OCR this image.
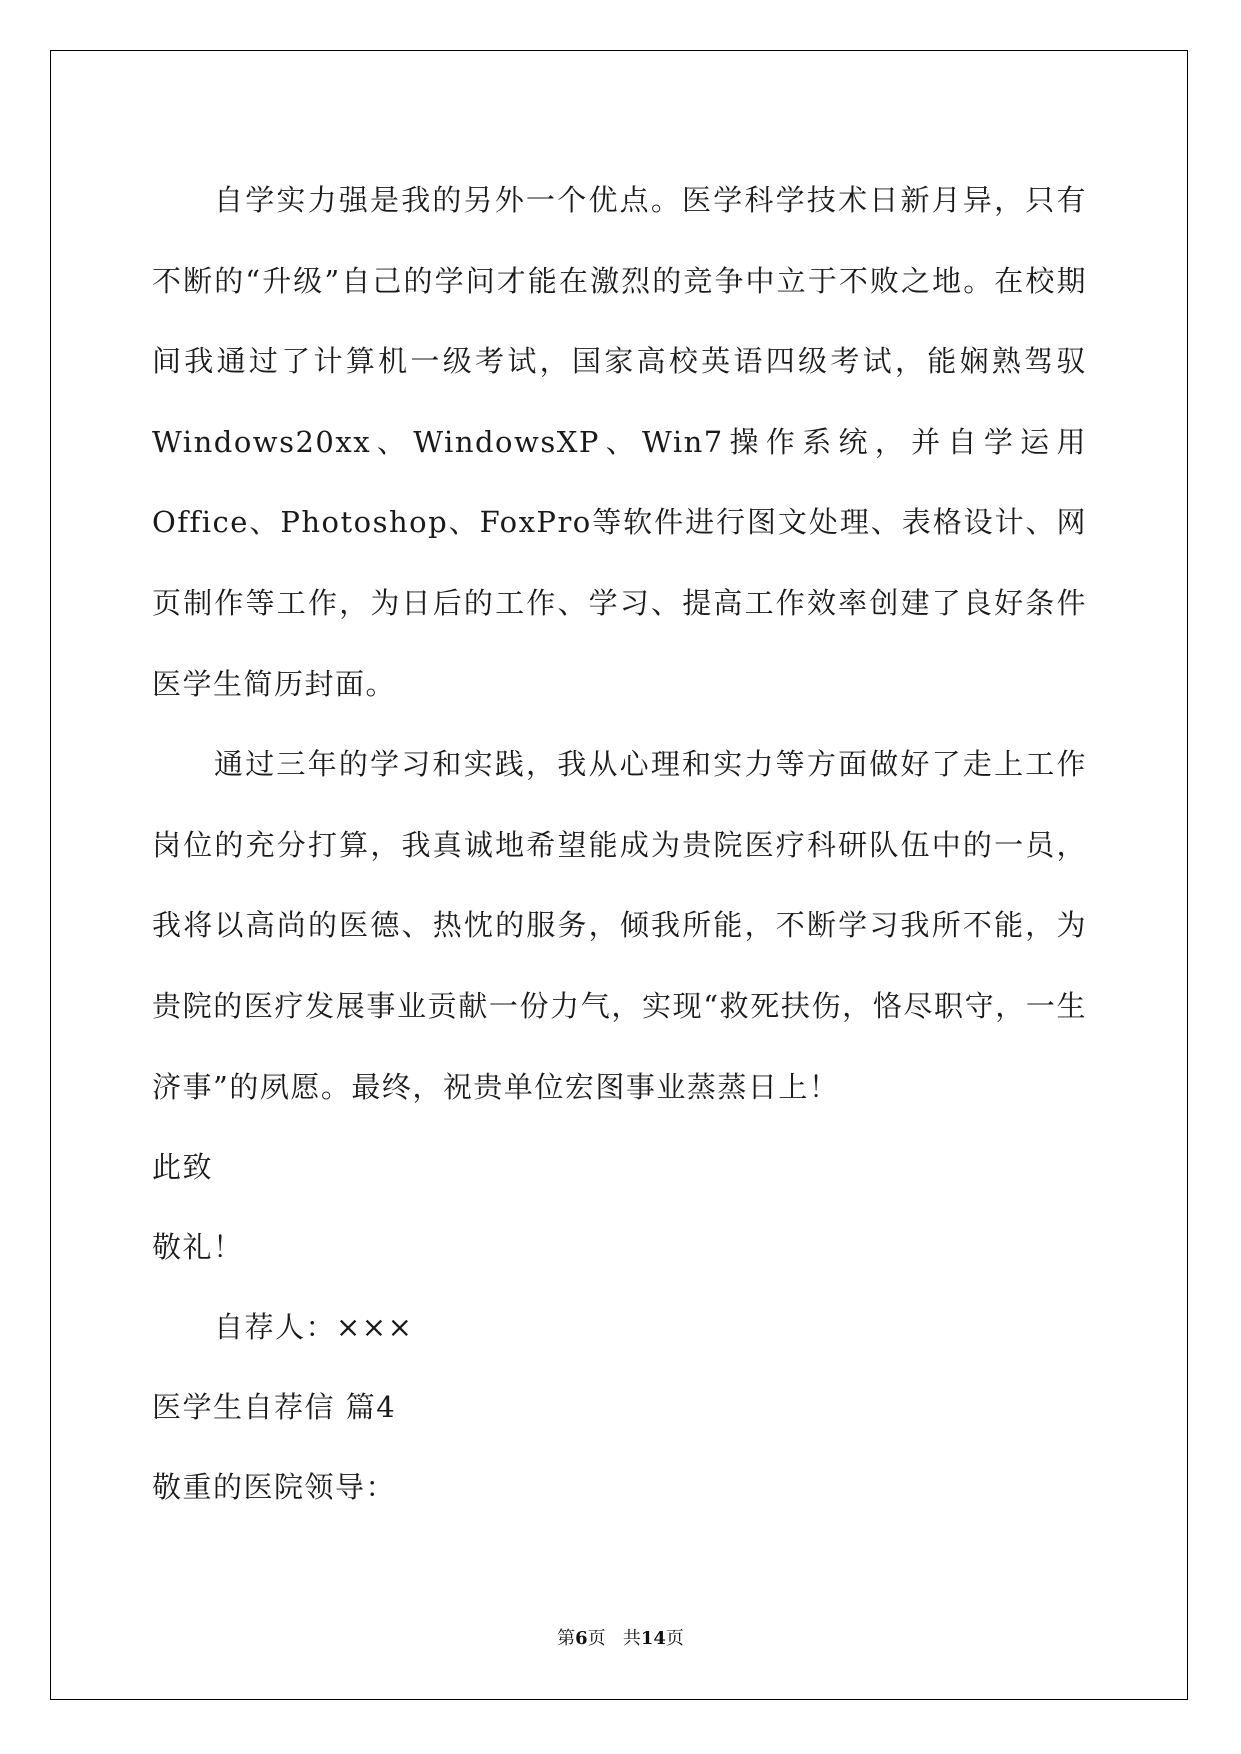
自学实力强是我的另外一个优点。医学科学技术日新月异，只有不断的“升级”自己的学问才能在激烈的竞争中立于不败之地。在校期间我通过了计算机一级考试，国家高校英语四级考试，能娴熟驾驭Windows20xx、WindowsXP、Win7操作系统，并自学运用Office、Photoshop、FoxPro等软件进行图文处理、表格设计、网页制作等工作，为日后的工作、学习、提高工作效率创建了良好条件医学生简历封面。

通过三年的学习和实践，我从心理和实力等方面做好了走上工作岗位的充分打算，我真诚地希望能成为贵院医疗科研队伍中的一员，我将以高尚的医德、热忱的服务，倾我所能，不断学习我所不能，为贵院的医疗发展事业贡献一份力气，实现“救死扶伤，恪尽职守，一生济事”的夙愿。最终，祝贵单位宏图事业蒸蒸日上！

此致

敬礼！

自荐人：×××

医学生自荐信 篇4

敬重的医院领导：

第6页 共14页
